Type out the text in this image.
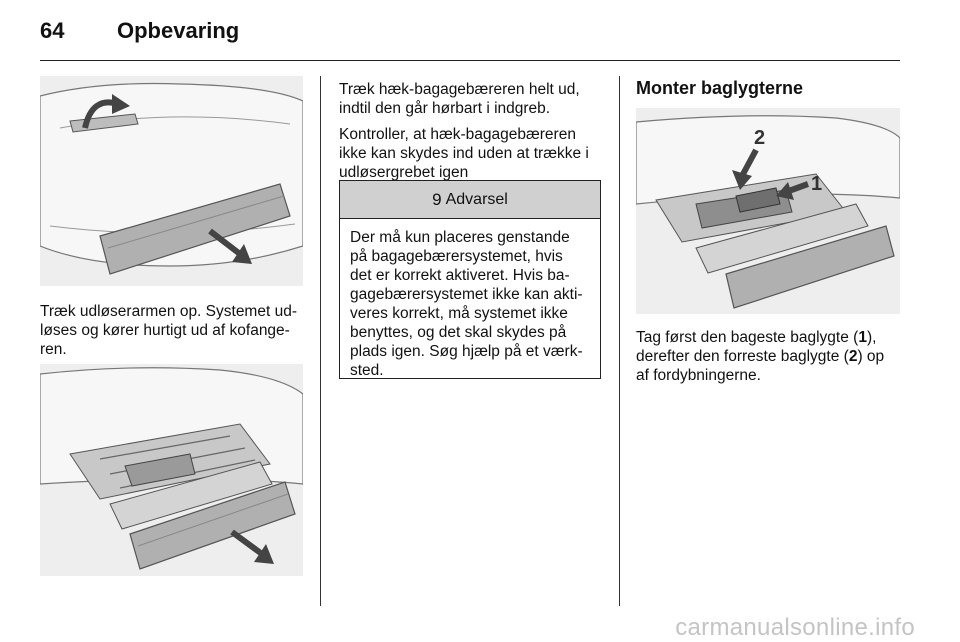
64 Opbevaring
Træk udløserarmen op. Systemet ud-
løses og kører hurtigt ud af kofange-
ren.

Træk hæk-bagagebæreren helt ud,
indtil den går hørbart i indgreb.

Kontroller, at hæk-bagagebæreren
ikke kan skydes ind uden at trække i
udløsergrebet igen

9 Advarsel
Der må kun placeres genstande
på bagagebærersystemet, hvis
det er korrekt aktiveret. Hvis ba-
gagebærersystemet ikke kan akti-
veres korrekt, må systemet ikke
benyttes, og det skal skydes på
plads igen. Søg hjælp på et værk-
sted.
Monter baglygterne
2
1
Tag først den bageste baglygte (1),
derefter den forreste baglygte (2) op
af fordybningerne.
carmanualsonline.info
